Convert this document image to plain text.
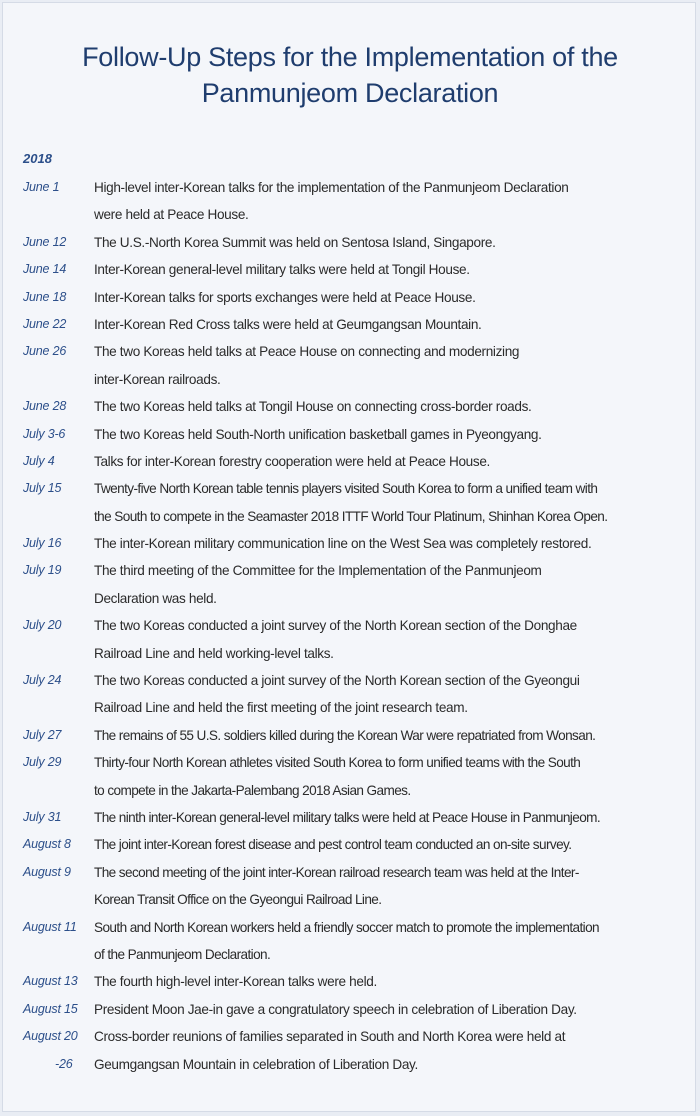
Follow-Up Steps for the Implementation of the
Panmunjeom Declaration
2018
June 1	High-level inter-Korean talks for the implementation of the Panmunjeom Declaration
were held at Peace House.
June 12 The U.S.-North Korea Summit was held on Sentosa Island, Singapore.
June 14 Inter-Korean general-level military talks were held at Tongil House.
June 18 Inter-Korean talks for sports exchanges were held at Peace House.
June 22 Inter-Korean Red Cross talks were held at Geumgangsan Mountain.
June 26 The two Koreas held talks at Peace House on connecting and modernizing
inter-Korean railroads.
June 28 The two Koreas held talks at Tongil House on connecting cross-border roads.
July 3-6 The two Koreas held South-North unification basketball games in Pyeongyang.
July 4	Talks for inter-Korean forestry cooperation were held at Peace House.
July 15 Twenty-five North Korean table tennis players visited South Korea to form a unified team with
the South to compete in the Seamaster 2018 ITTF World Tour Platinum, Shinhan Korea Open.
July 16 The inter-Korean military communication line on the West Sea was completely restored.
July 19 The third meeting of the Committee for the Implementation of the Panmunjeom
Declaration was held.
July 20 The two Koreas conducted a joint survey of the North Korean section of the Donghae
Railroad Line and held working-level talks.
July 24 The two Koreas conducted a joint survey of the North Korean section of the Gyeongui
Railroad Line and held the first meeting of the joint research team.
July 27 The remains of 55 U.S. soldiers killed during the Korean War were repatriated from Wonsan.
July 29 Thirty-four North Korean athletes visited South Korea to form unified teams with the South
to compete in the Jakarta-Palembang 2018 Asian Games.
July 31 The ninth inter-Korean general-level military talks were held at Peace House in Panmunjeom.
August 8 The joint inter-Korean forest disease and pest control team conducted an on-site survey.
August 9 The second meeting of the joint inter-Korean railroad research team was held at the Inter-
Korean Transit Office on the Gyeongui Railroad Line.
August 11 South and North Korean workers held a friendly soccer match to promote the implementation
of the Panmunjeom Declaration.
August 13 The fourth high-level inter-Korean talks were held.
August 15 President Moon Jae-in gave a congratulatory speech in celebration of Liberation Day.
August 20 Cross-border reunions of families separated in South and North Korea were held at
-26 Geumgangsan Mountain in celebration of Liberation Day.
